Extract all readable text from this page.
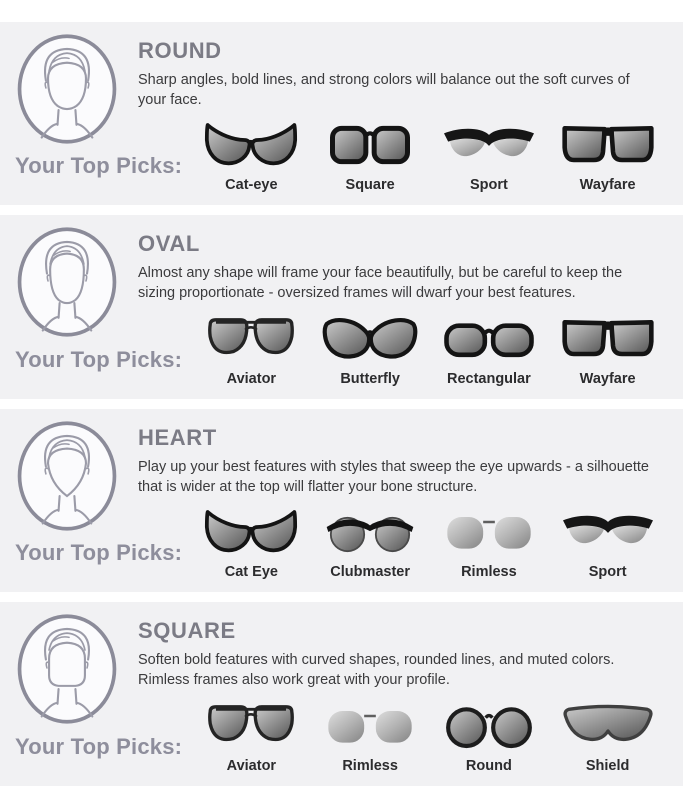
ROUND

Sharp angles, bold lines, and strong colors will balance out the soft curves of your face.

Your Top Picks:
Cat-eye	Square	Sport	Wayfare
OVAL

Almost any shape will frame your face beautifully, but be careful to keep the sizing proportionate - oversized frames will dwarf your best features.

Your Top Picks:
Aviator	Butterfly	Rectangular	Wayfare
HEART

Play up your best features with styles that sweep the eye upwards - a silhouette that is wider at the top will flatter your bone structure.

Your Top Picks:
Cat Eye	Clubmaster	Rimless	Sport
SQUARE

Soften bold features with curved shapes, rounded lines, and muted colors. Rimless frames also work great with your profile.

Your Top Picks:
Aviator	Rimless	Round	Shield
